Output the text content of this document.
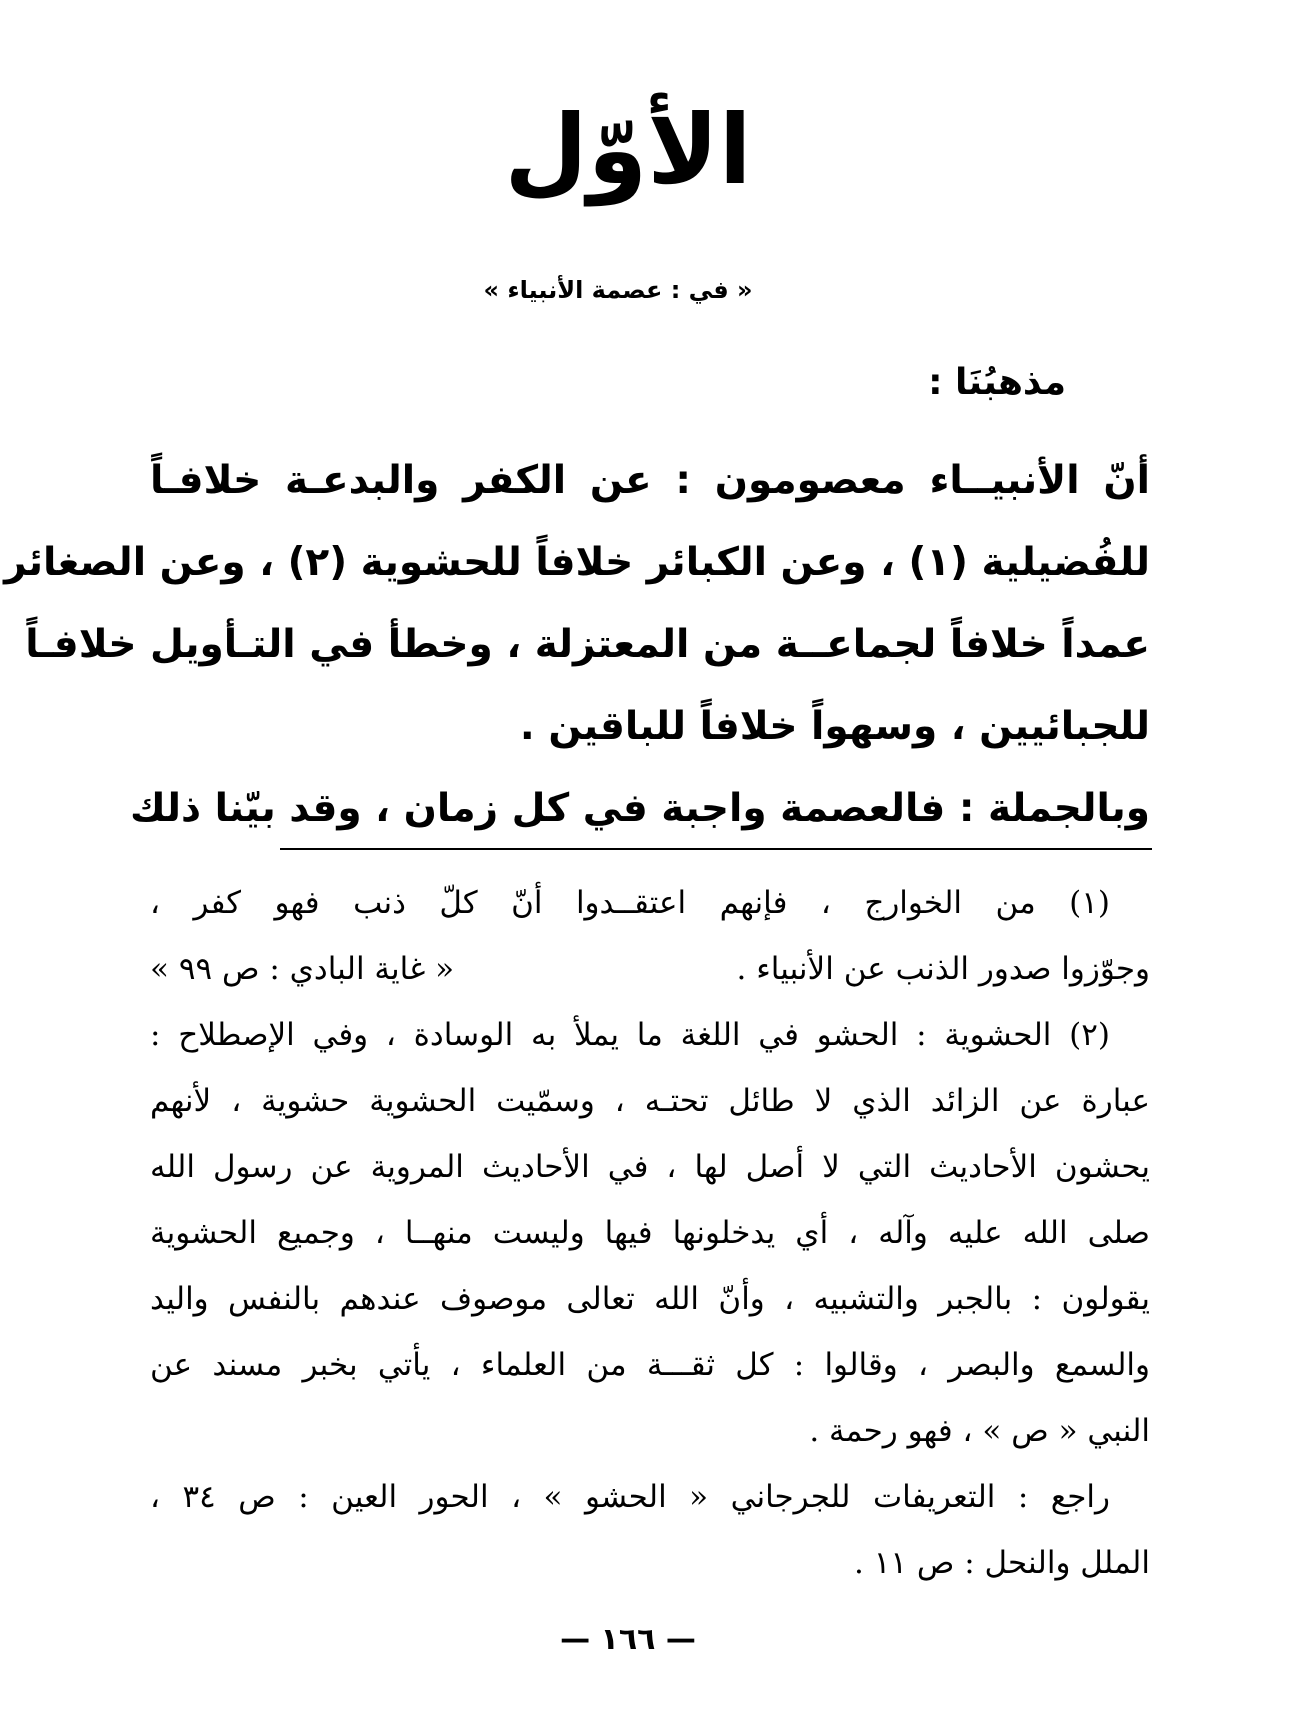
الأوّل
« في : عصمة الأنبياء »
مذهبُنَا :
أنّ الأنبيــاء معصومون : عن الكفر والبدعـة خلافـاً
للفُضيلية (١) ، وعن الكبائر خلافاً للحشوية (٢) ، وعن الصغائر
عمداً خلافاً لجماعــة من المعتزلة ، وخطأ في التـأويل خلافـاً
للجبائيين ، وسهواً خلافاً للباقين .
وبالجملة : فالعصمة واجبة في كل زمان ، وقد بيّنا ذلك
(١) من الخوارج ، فإنهم اعتقــدوا أنّ كلّ ذنب فهو كفر ،
وجوّزوا صدور الذنب عن الأنبياء .
« غاية البادي : ص ٩٩ »
(٢) الحشوية : الحشو في اللغة ما يملأ به الوسادة ، وفي الإصطلاح :
عبارة عن الزائد الذي لا طائل تحتـه ، وسمّيت الحشوية حشوية ، لأنهم
يحشون الأحاديث التي لا أصل لها ، في الأحاديث المروية عن رسول الله
صلى الله عليه وآله ، أي يدخلونها فيها وليست منهــا ، وجميع الحشوية
يقولون : بالجبر والتشبيه ، وأنّ الله تعالى موصوف عندهم بالنفس واليد
والسمع والبصر ، وقالوا : كل ثقـــة من العلماء ، يأتي بخبر مسند عن
النبي « ص » ، فهو رحمة .
راجع : التعريفات للجرجاني « الحشو » ، الحور العين : ص ٣٤ ،
الملل والنحل : ص ١١ .
— ١٦٦ —
